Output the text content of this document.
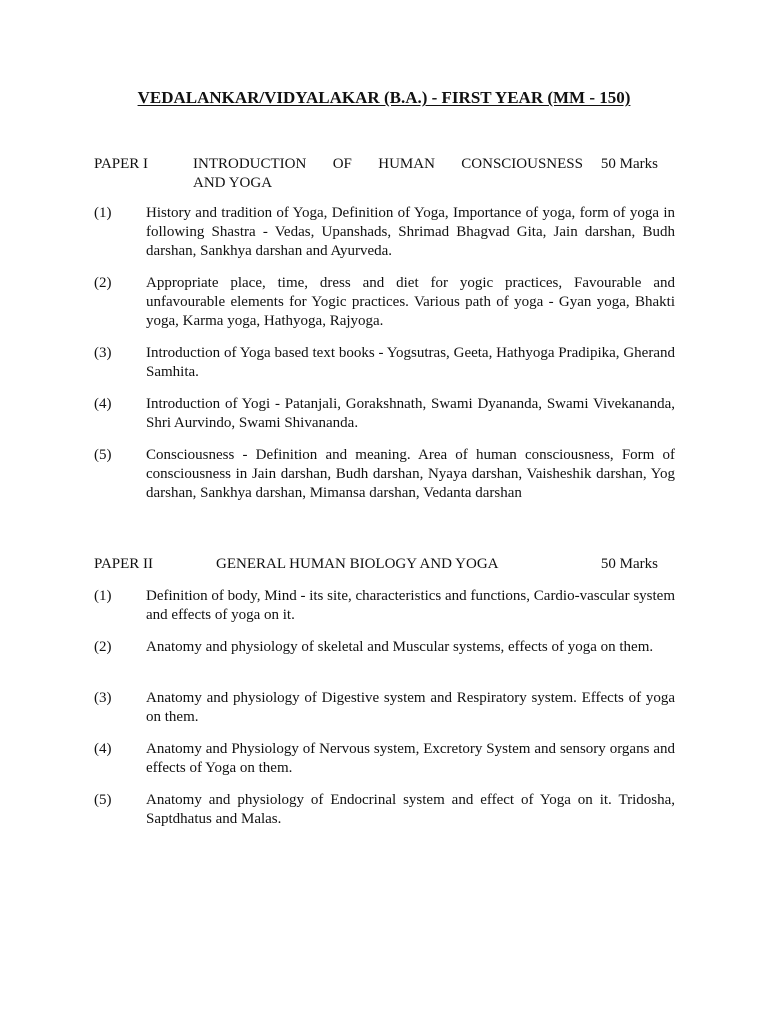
VEDALANKAR/VIDYALAKAR (B.A.) - FIRST YEAR (MM - 150)
PAPER I	INTRODUCTION OF HUMAN CONSCIOUSNESS
AND YOGA
50 Marks
(1) History and tradition of Yoga, Definition of Yoga, Importance of yoga, form of yoga in following Shastra - Vedas, Upanshads, Shrimad Bhagvad Gita, Jain darshan, Budh darshan, Sankhya darshan and Ayurveda.
(2) Appropriate place, time, dress and diet for yogic practices, Favourable and unfavourable elements for Yogic practices. Various path of yoga - Gyan yoga, Bhakti yoga, Karma yoga, Hathyoga, Rajyoga.
(3) Introduction of Yoga based text books - Yogsutras, Geeta, Hathyoga Pradipika, Gherand Samhita.
(4) Introduction of Yogi - Patanjali, Gorakshnath, Swami Dyananda, Swami Vivekananda, Shri Aurvindo, Swami Shivananda.
(5) Consciousness - Definition and meaning. Area of human consciousness, Form of consciousness in Jain darshan, Budh darshan, Nyaya darshan, Vaisheshik darshan, Yog darshan, Sankhya darshan, Mimansa darshan, Vedanta darshan
PAPER II	GENERAL HUMAN BIOLOGY AND YOGA	50 Marks
(1) Definition of body, Mind - its site, characteristics and functions, Cardio-vascular system and effects of yoga on it.
(2) Anatomy and physiology of skeletal and Muscular systems, effects of yoga on them.
(3) Anatomy and physiology of Digestive system and Respiratory system. Effects of yoga on them.
(4) Anatomy and Physiology of Nervous system, Excretory System and sensory organs and effects of Yoga on them.
(5) Anatomy and physiology of Endocrinal system and effect of Yoga on it. Tridosha, Saptdhatus and Malas.
